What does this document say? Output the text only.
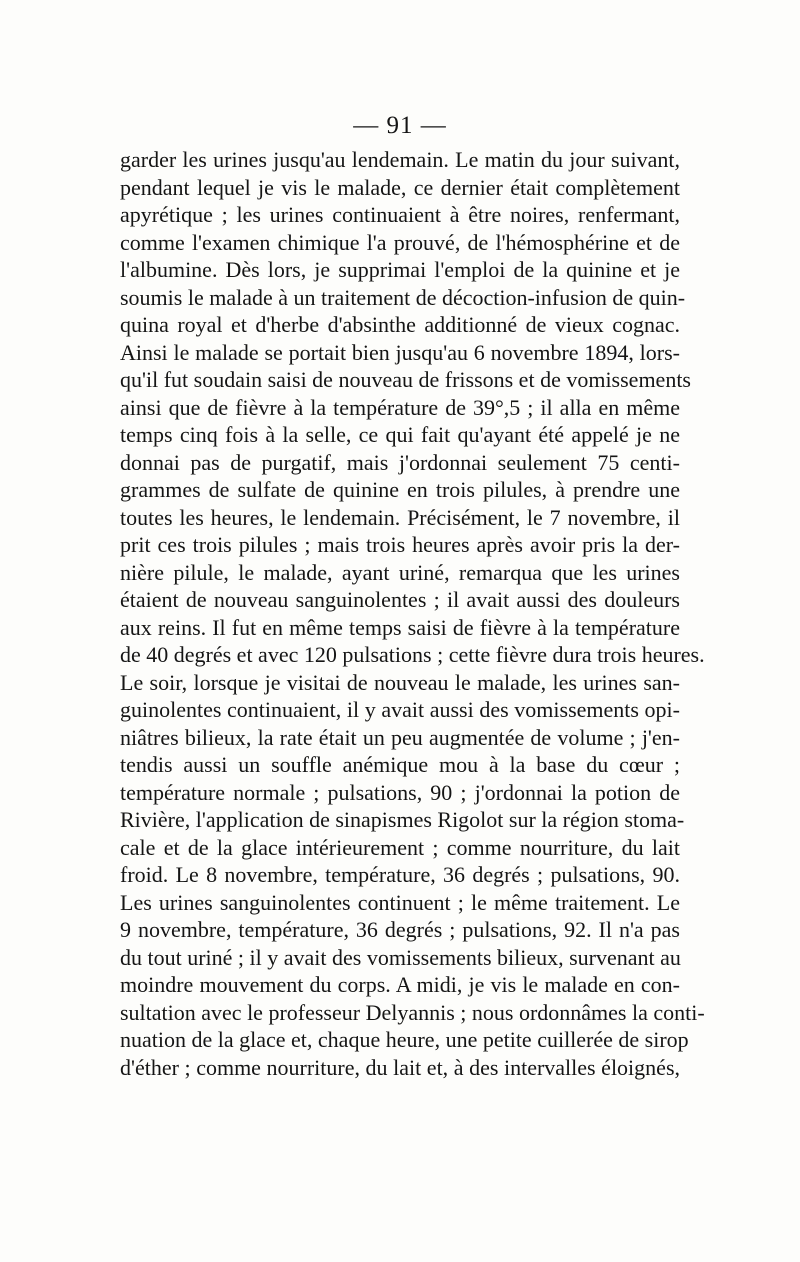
— 91 —
garder les urines jusqu'au lendemain. Le matin du jour suivant,
pendant lequel je vis le malade, ce dernier était complètement
apyrétique ; les urines continuaient à être noires, renfermant,
comme l'examen chimique l'a prouvé, de l'hémosphérine et de
l'albumine. Dès lors, je supprimai l'emploi de la quinine et je
soumis le malade à un traitement de décoction-infusion de quin-
quina royal et d'herbe d'absinthe additionné de vieux cognac.
Ainsi le malade se portait bien jusqu'au 6 novembre 1894, lors-
qu'il fut soudain saisi de nouveau de frissons et de vomissements
ainsi que de fièvre à la température de 39°,5 ; il alla en même
temps cinq fois à la selle, ce qui fait qu'ayant été appelé je ne
donnai pas de purgatif, mais j'ordonnai seulement 75 centi-
grammes de sulfate de quinine en trois pilules, à prendre une
toutes les heures, le lendemain. Précisément, le 7 novembre, il
prit ces trois pilules ; mais trois heures après avoir pris la der-
nière pilule, le malade, ayant uriné, remarqua que les urines
étaient de nouveau sanguinolentes ; il avait aussi des douleurs
aux reins. Il fut en même temps saisi de fièvre à la température
de 40 degrés et avec 120 pulsations ; cette fièvre dura trois heures.
Le soir, lorsque je visitai de nouveau le malade, les urines san-
guinolentes continuaient, il y avait aussi des vomissements opi-
niâtres bilieux, la rate était un peu augmentée de volume ; j'en-
tendis aussi un souffle anémique mou à la base du cœur ;
température normale ; pulsations, 90 ; j'ordonnai la potion de
Rivière, l'application de sinapismes Rigolot sur la région stoma-
cale et de la glace intérieurement ; comme nourriture, du lait
froid. Le 8 novembre, température, 36 degrés ; pulsations, 90.
Les urines sanguinolentes continuent ; le même traitement. Le
9 novembre, température, 36 degrés ; pulsations, 92. Il n'a pas
du tout uriné ; il y avait des vomissements bilieux, survenant au
moindre mouvement du corps. A midi, je vis le malade en con-
sultation avec le professeur Delyannis ; nous ordonnâmes la conti-
nuation de la glace et, chaque heure, une petite cuillerée de sirop
d'éther ; comme nourriture, du lait et, à des intervalles éloignés,
